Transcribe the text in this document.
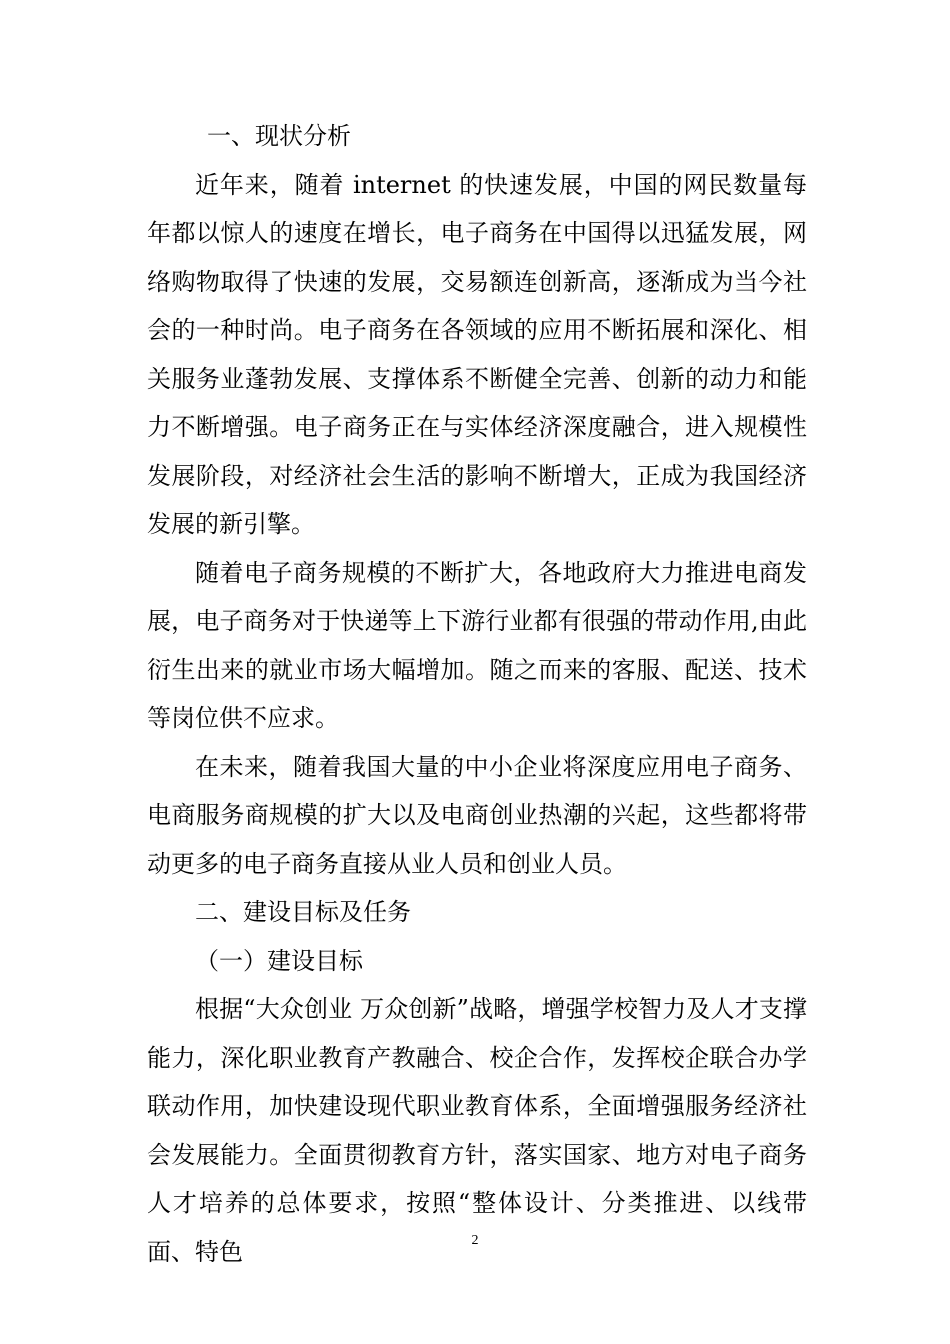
一、现状分析

近年来，随着 internet 的快速发展，中国的网民数量每年都以惊人的速度在增长，电子商务在中国得以迅猛发展，网络购物取得了快速的发展，交易额连创新高，逐渐成为当今社会的一种时尚。电子商务在各领域的应用不断拓展和深化、相关服务业蓬勃发展、支撑体系不断健全完善、创新的动力和能力不断增强。电子商务正在与实体经济深度融合，进入规模性发展阶段，对经济社会生活的影响不断增大，正成为我国经济发展的新引擎。

随着电子商务规模的不断扩大，各地政府大力推进电商发展，电子商务对于快递等上下游行业都有很强的带动作用,由此衍生出来的就业市场大幅增加。随之而来的客服、配送、技术等岗位供不应求。

在未来，随着我国大量的中小企业将深度应用电子商务、电商服务商规模的扩大以及电商创业热潮的兴起，这些都将带动更多的电子商务直接从业人员和创业人员。

二、建设目标及任务

（一）建设目标

根据“大众创业 万众创新”战略，增强学校智力及人才支撑能力，深化职业教育产教融合、校企合作，发挥校企联合办学联动作用，加快建设现代职业教育体系，全面增强服务经济社会发展能力。全面贯彻教育方针，落实国家、地方对电子商务人才培养的总体要求，按照“整体设计、分类推进、以线带面、特色	2
